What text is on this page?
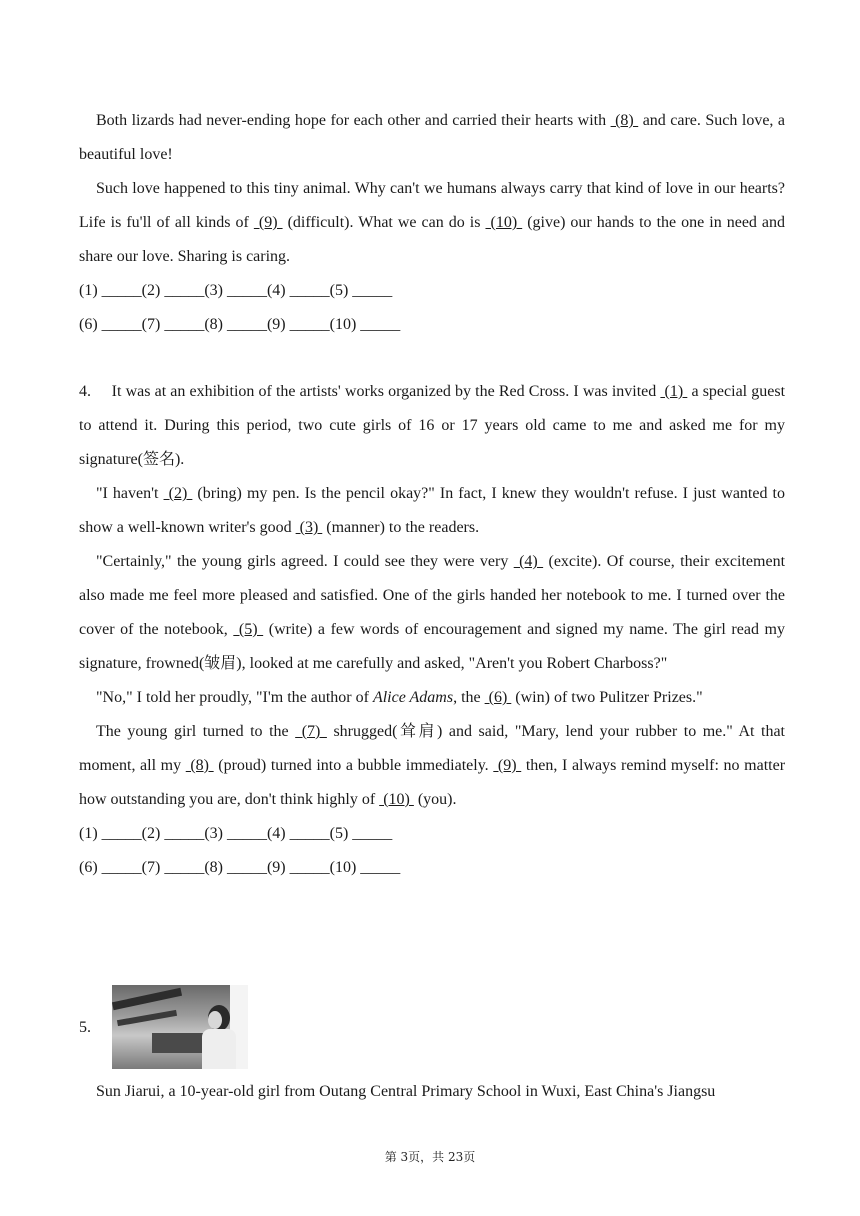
Both lizards had never-ending hope for each other and carried their hearts with  (8)  and care. Such love, a beautiful love!

Such love happened to this tiny animal. Why can't we humans always carry that kind of love in our hearts? Life is fu'll of all kinds of  (9)  (difficult). What we can do is  (10)  (give) our hands to the one in need and share our love. Sharing is caring.

(1) _____(2) _____(3) _____(4) _____(5) _____

(6) _____(7) _____(8) _____(9) _____(10) _____

4. It was at an exhibition of the artists' works organized by the Red Cross. I was invited  (1)  a special guest to attend it. During this period, two cute girls of 16 or 17 years old came to me and asked me for my signature(签名).

"I haven't  (2)  (bring) my pen. Is the pencil okay?" In fact, I knew they wouldn't refuse. I just wanted to show a well-known writer's good  (3)  (manner) to the readers.

"Certainly," the young girls agreed. I could see they were very  (4)  (excite). Of course, their excitement also made me feel more pleased and satisfied. One of the girls handed her notebook to me. I turned over the cover of the notebook,  (5)  (write) a few words of encouragement and signed my name. The girl read my signature, frowned(皱眉), looked at me carefully and asked, "Aren't you Robert Charboss?"

"No," I told her proudly, "I'm the author of Alice Adams, the  (6)  (win) of two Pulitzer Prizes."

The young girl turned to the  (7)  shrugged(耸肩) and said, "Mary, lend your rubber to me." At that moment, all my  (8)  (proud) turned into a bubble immediately.  (9)  then, I always remind myself: no matter how outstanding you are, don't think highly of  (10)  (you).

(1) _____(2) _____(3) _____(4) _____(5) _____

(6) _____(7) _____(8) _____(9) _____(10) _____

5.
Sun Jiarui, a 10-year-old girl from Outang Central Primary School in Wuxi, East China's Jiangsu
第 3页，共 23页
